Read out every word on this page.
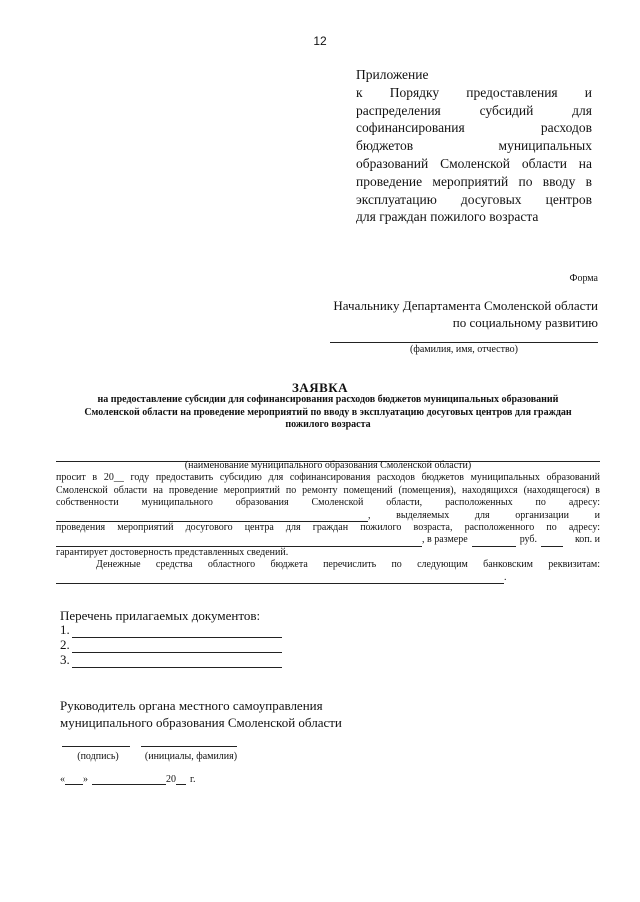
12
Приложение
к Порядку предоставления и
распределения субсидий для
софинансирования расходов
бюджетов муниципальных
образований Смоленской области на
проведение мероприятий по вводу в
эксплуатацию досуговых центров
для граждан пожилого возраста
Форма
Начальнику Департамента Смоленской области
по социальному развитию
(фамилия, имя, отчество)
ЗАЯВКА
на предоставление субсидии для софинансирования расходов бюджетов муниципальных образований
Смоленской области на проведение мероприятий по вводу в эксплуатацию досуговых центров для граждан
пожилого возраста
(наименование муниципального образования Смоленской области)
просит в 20__ году предоставить субсидию для софинансирования расходов бюджетов муниципальных образований
Смоленской области на проведение мероприятий по ремонту помещений (помещения), находящихся (находящегося) в
собственности муниципального образования Смоленской области, расположенных по адресу:
, выделяемых для организации и
проведения мероприятий досугового центра для граждан пожилого возраста, расположенного по адресу:
, в размере	руб.	коп. и
гарантирует достоверность представленных сведений.
Денежные средства областного бюджета перечислить по следующим банковским реквизитам:
.
Перечень прилагаемых документов:
1.
2.
3.
Руководитель органа местного самоуправления
муниципального образования Смоленской области
(подпись)	(инициалы, фамилия)
« »	20 г.
